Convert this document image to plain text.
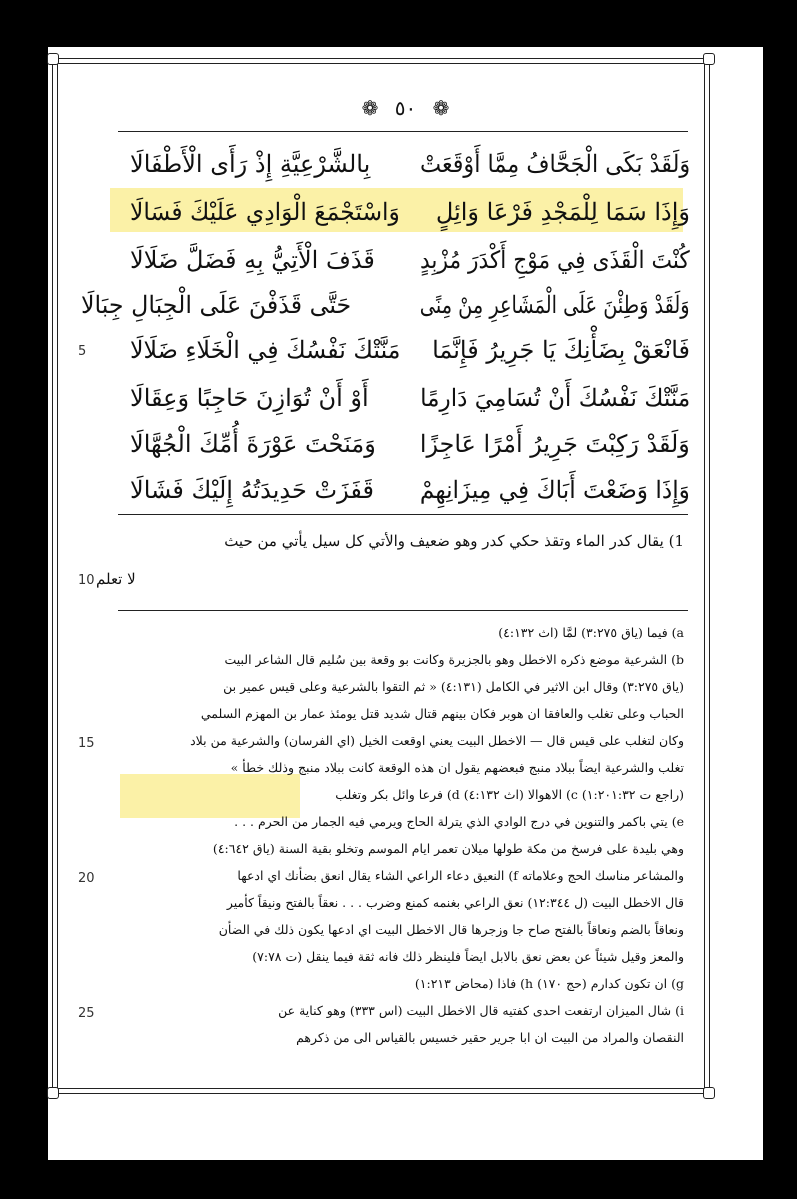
❁ ٥٠ ❁
وَلَقَدْ بَكَى الْجَحَّافُ مِمَّا أَوْقَعَتْ
بِالشَّرْعِيَّةِ إِذْ رَأَى الْأَطْفَالَا
وَإِذَا سَمَا لِلْمَجْدِ فَرْعَا وَائِلٍ
وَاسْتَجْمَعَ الْوَادِي عَلَيْكَ فَسَالَا
كُنْتَ الْقَذَى فِي مَوْجِ أَكْدَرَ مُزْبِدٍ
قَذَفَ الْأَتِيُّ بِهِ فَضَلَّ ضَلَالَا
وَلَقَدْ وَطِئْنَ عَلَى الْمَشَاعِرِ مِنْ مِنًى
حَتَّى قَذَفْنَ عَلَى الْجِبَالِ جِبَالَا
فَانْعَقْ بِضَأْنِكَ يَا جَرِيرُ فَإِنَّمَا
مَنَّتْكَ نَفْسُكَ فِي الْخَلَاءِ ضَلَالَا
مَنَّتْكَ نَفْسُكَ أَنْ تُسَامِيَ دَارِمًا
أَوْ أَنْ تُوَازِنَ حَاجِبًا وَعِقَالَا
وَلَقَدْ رَكِبْتَ جَرِيرُ أَمْرًا عَاجِزًا
وَمَنَحْتَ عَوْرَةَ أُمِّكَ الْجُهَّالَا
وَإِذَا وَضَعْتَ أَبَاكَ فِي مِيزَانِهِمْ
قَفَزَتْ حَدِيدَتُهُ إِلَيْكَ فَشَالَا
5
1) يقال كدر الماء وتقذ حكي كدر وهو ضعيف والأتي كل سيل يأتي من حيث
لا تعلم
10
a) فيما (ياق ٣:٢٧٥) لمَّا (اث ٤:١٣٢)
b) الشرعية موضع ذكره الاخطل وهو بالجزيرة وكانت بو وقعة بين سُليم قال الشاعر البيت
(ياق ٣:٢٧٥) وقال ابن الاثير في الكامل (٤:١٣١) « ثم التقوا بالشرعية وعلى قيس عمير بن
الحباب وعلى تغلب والعافقا ان هوبر فكان بينهم قتال شديد قتل يومئذ عمار بن المهزم السلمي
وكان لتغلب على قيس قال — الاخطل البيت يعني اوقعت الخيل (اي الفرسان) والشرعية من بلاد
تغلب والشرعية ايضاً ببلاد منبج فبعضهم يقول ان هذه الوقعة كانت ببلاد منبج وذلك خطأ »
(راجع ت ١:٢٠١:٣٢) c) الاهوالا (اث ٤:١٣٢) d) فرعا وائل بكر وتغلب
e) يتي باكمر والتنوين في درج الوادي الذي يترلة الحاج ويرمي فيه الجمار من الحرم . . .
وهي بليدة على فرسخ من مكة طولها ميلان تعمر ايام الموسم وتخلو بقية السنة (ياق ٤:٦٤٢)
والمشاعر مناسك الحج وعلاماته f) النعيق دعاء الراعي الشاء يقال انعق بضأنك اي ادعها
قال الاخطل البيت (ل ١٢:٣٤٤) نعق الراعي بغنمه كمنع وضرب . . . نعقاً بالفتح ونيقاً كأمير
ونعاقاً بالضم ونعاقاً بالفتح صاح جا وزجرها قال الاخطل البيت اي ادعها يكون ذلك في الضأن
والمعز وقيل شيئاً عن بعض نعق بالابل ايضاً فلينظر ذلك فانه ثقة فيما ينقل (ت ٧:٧٨)
g) ان تكون كدارم (حج ١٧٠) h) فاذا (محاض ١:٢١٣)
i) شال الميزان ارتفعت احدى كفتيه قال الاخطل البيت (اس ٣٣٣) وهو كناية عن
النقصان والمراد من البيت ان ابا جرير حقير خسيس بالقياس الى من ذكرهم
15
20
25
